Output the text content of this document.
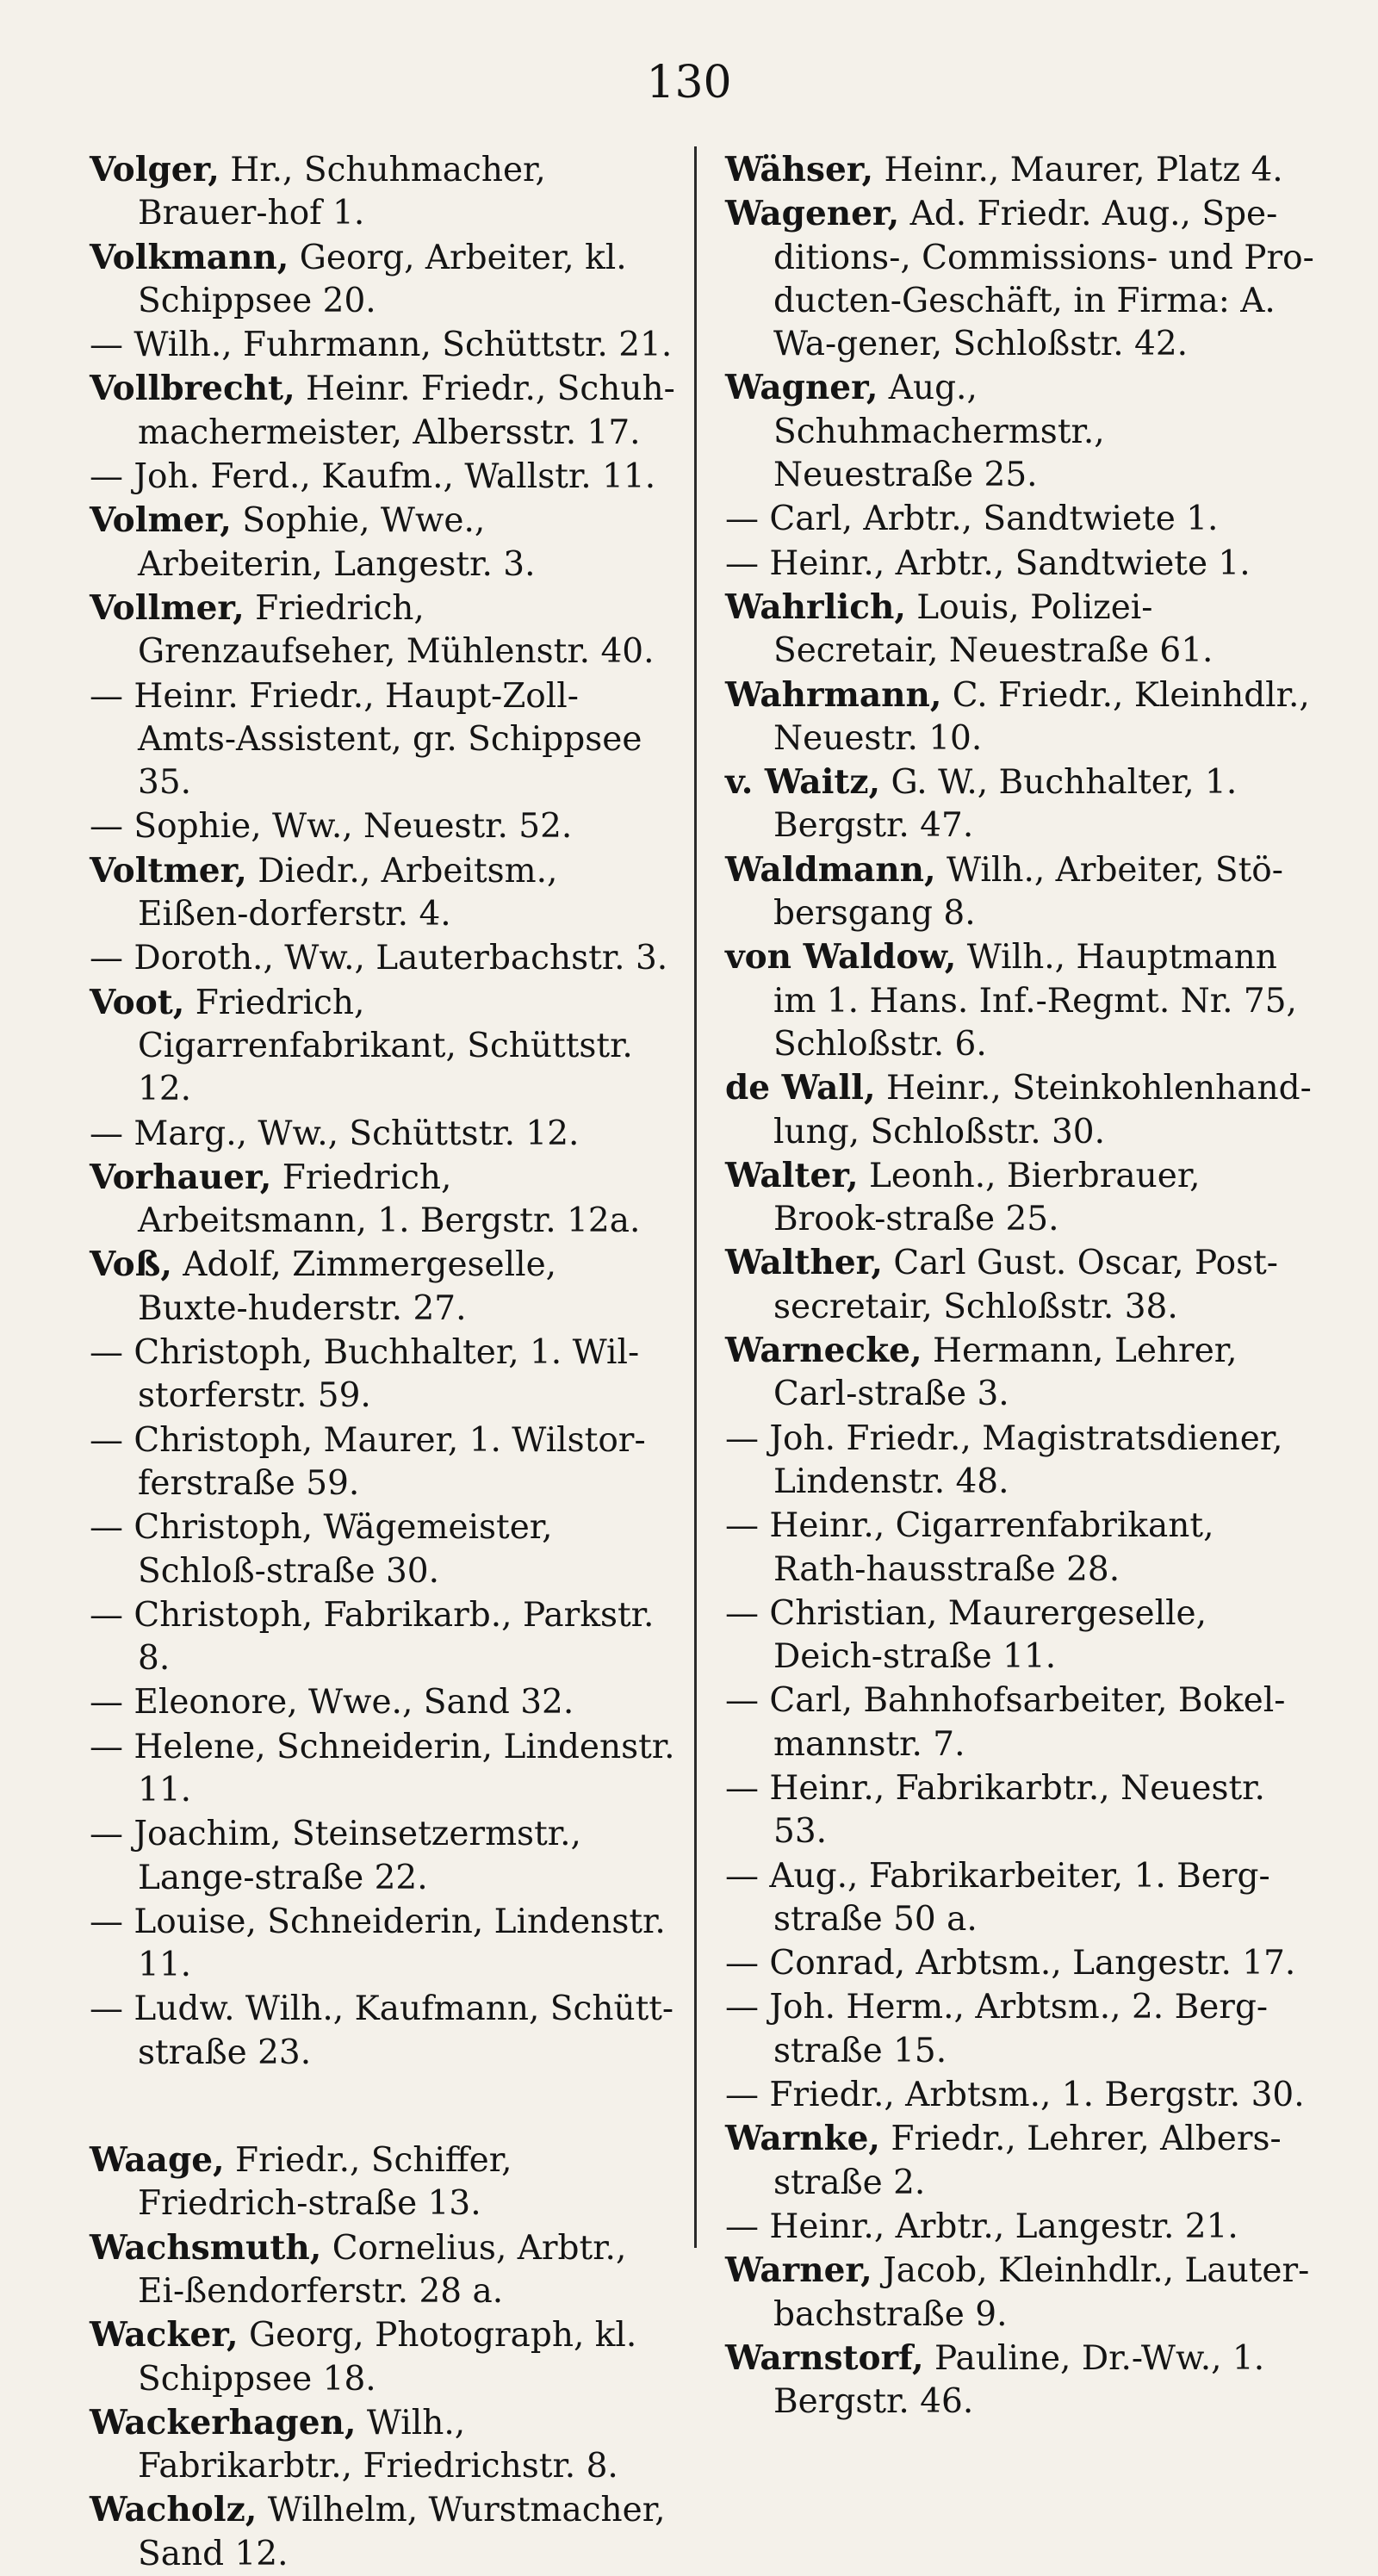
130

Volger, Hr., Schuhmacher, Brauer-hof 1.

Volkmann, Georg, Arbeiter, kl. Schippsee 20.

— Wilh., Fuhrmann, Schüttstr. 21.

Vollbrecht, Heinr. Friedr., Schuh-machermeister, Albersstr. 17.

— Joh. Ferd., Kaufm., Wallstr. 11.

Volmer, Sophie, Wwe., Arbeiterin, Langestr. 3.

Vollmer, Friedrich, Grenzaufseher, Mühlenstr. 40.

— Heinr. Friedr., Haupt-Zoll-Amts-Assistent, gr. Schippsee 35.

— Sophie, Ww., Neuestr. 52.

Voltmer, Diedr., Arbeitsm., Eißen-dorferstr. 4.

— Doroth., Ww., Lauterbachstr. 3.

Voot, Friedrich, Cigarrenfabrikant, Schüttstr. 12.

— Marg., Ww., Schüttstr. 12.

Vorhauer, Friedrich, Arbeitsmann, 1. Bergstr. 12a.

Voß, Adolf, Zimmergeselle, Buxte-huderstr. 27.

— Christoph, Buchhalter, 1. Wil-storferstr. 59.

— Christoph, Maurer, 1. Wilstor-ferstraße 59.

— Christoph, Wägemeister, Schloß-straße 30.

— Christoph, Fabrikarb., Parkstr. 8.

— Eleonore, Wwe., Sand 32.

— Helene, Schneiderin, Lindenstr. 11.

— Joachim, Steinsetzermstr., Lange-straße 22.

— Louise, Schneiderin, Lindenstr. 11.

— Ludw. Wilh., Kaufmann, Schütt-straße 23.

Waage, Friedr., Schiffer, Friedrich-straße 13.

Wachsmuth, Cornelius, Arbtr., Ei-ßendorferstr. 28 a.

Wacker, Georg, Photograph, kl. Schippsee 18.

Wackerhagen, Wilh., Fabrikarbtr., Friedrichstr. 8.

Wacholz, Wilhelm, Wurstmacher, Sand 12.

Wähser, Heinr., Maurer, Platz 4.

Wagener, Ad. Friedr. Aug., Spe-ditions-, Commissions- und Pro-ducten-Geschäft, in Firma: A. Wa-gener, Schloßstr. 42.

Wagner, Aug., Schuhmachermstr., Neuestraße 25.

— Carl, Arbtr., Sandtwiete 1.

— Heinr., Arbtr., Sandtwiete 1.

Wahrlich, Louis, Polizei-Secretair, Neuestraße 61.

Wahrmann, C. Friedr., Kleinhdlr., Neuestr. 10.

v. Waitz, G. W., Buchhalter, 1. Bergstr. 47.

Waldmann, Wilh., Arbeiter, Stö-bersgang 8.

von Waldow, Wilh., Hauptmann im 1. Hans. Inf.-Regmt. Nr. 75, Schloßstr. 6.

de Wall, Heinr., Steinkohlenhand-lung, Schloßstr. 30.

Walter, Leonh., Bierbrauer, Brook-straße 25.

Walther, Carl Gust. Oscar, Post-secretair, Schloßstr. 38.

Warnecke, Hermann, Lehrer, Carl-straße 3.

— Joh. Friedr., Magistratsdiener, Lindenstr. 48.

— Heinr., Cigarrenfabrikant, Rath-hausstraße 28.

— Christian, Maurergeselle, Deich-straße 11.

— Carl, Bahnhofsarbeiter, Bokel-mannstr. 7.

— Heinr., Fabrikarbtr., Neuestr. 53.

— Aug., Fabrikarbeiter, 1. Berg-straße 50 a.

— Conrad, Arbtsm., Langestr. 17.

— Joh. Herm., Arbtsm., 2. Berg-straße 15.

— Friedr., Arbtsm., 1. Bergstr. 30.

Warnke, Friedr., Lehrer, Albers-straße 2.

— Heinr., Arbtr., Langestr. 21.

Warner, Jacob, Kleinhdlr., Lauter-bachstraße 9.

Warnstorf, Pauline, Dr.-Ww., 1. Bergstr. 46.
